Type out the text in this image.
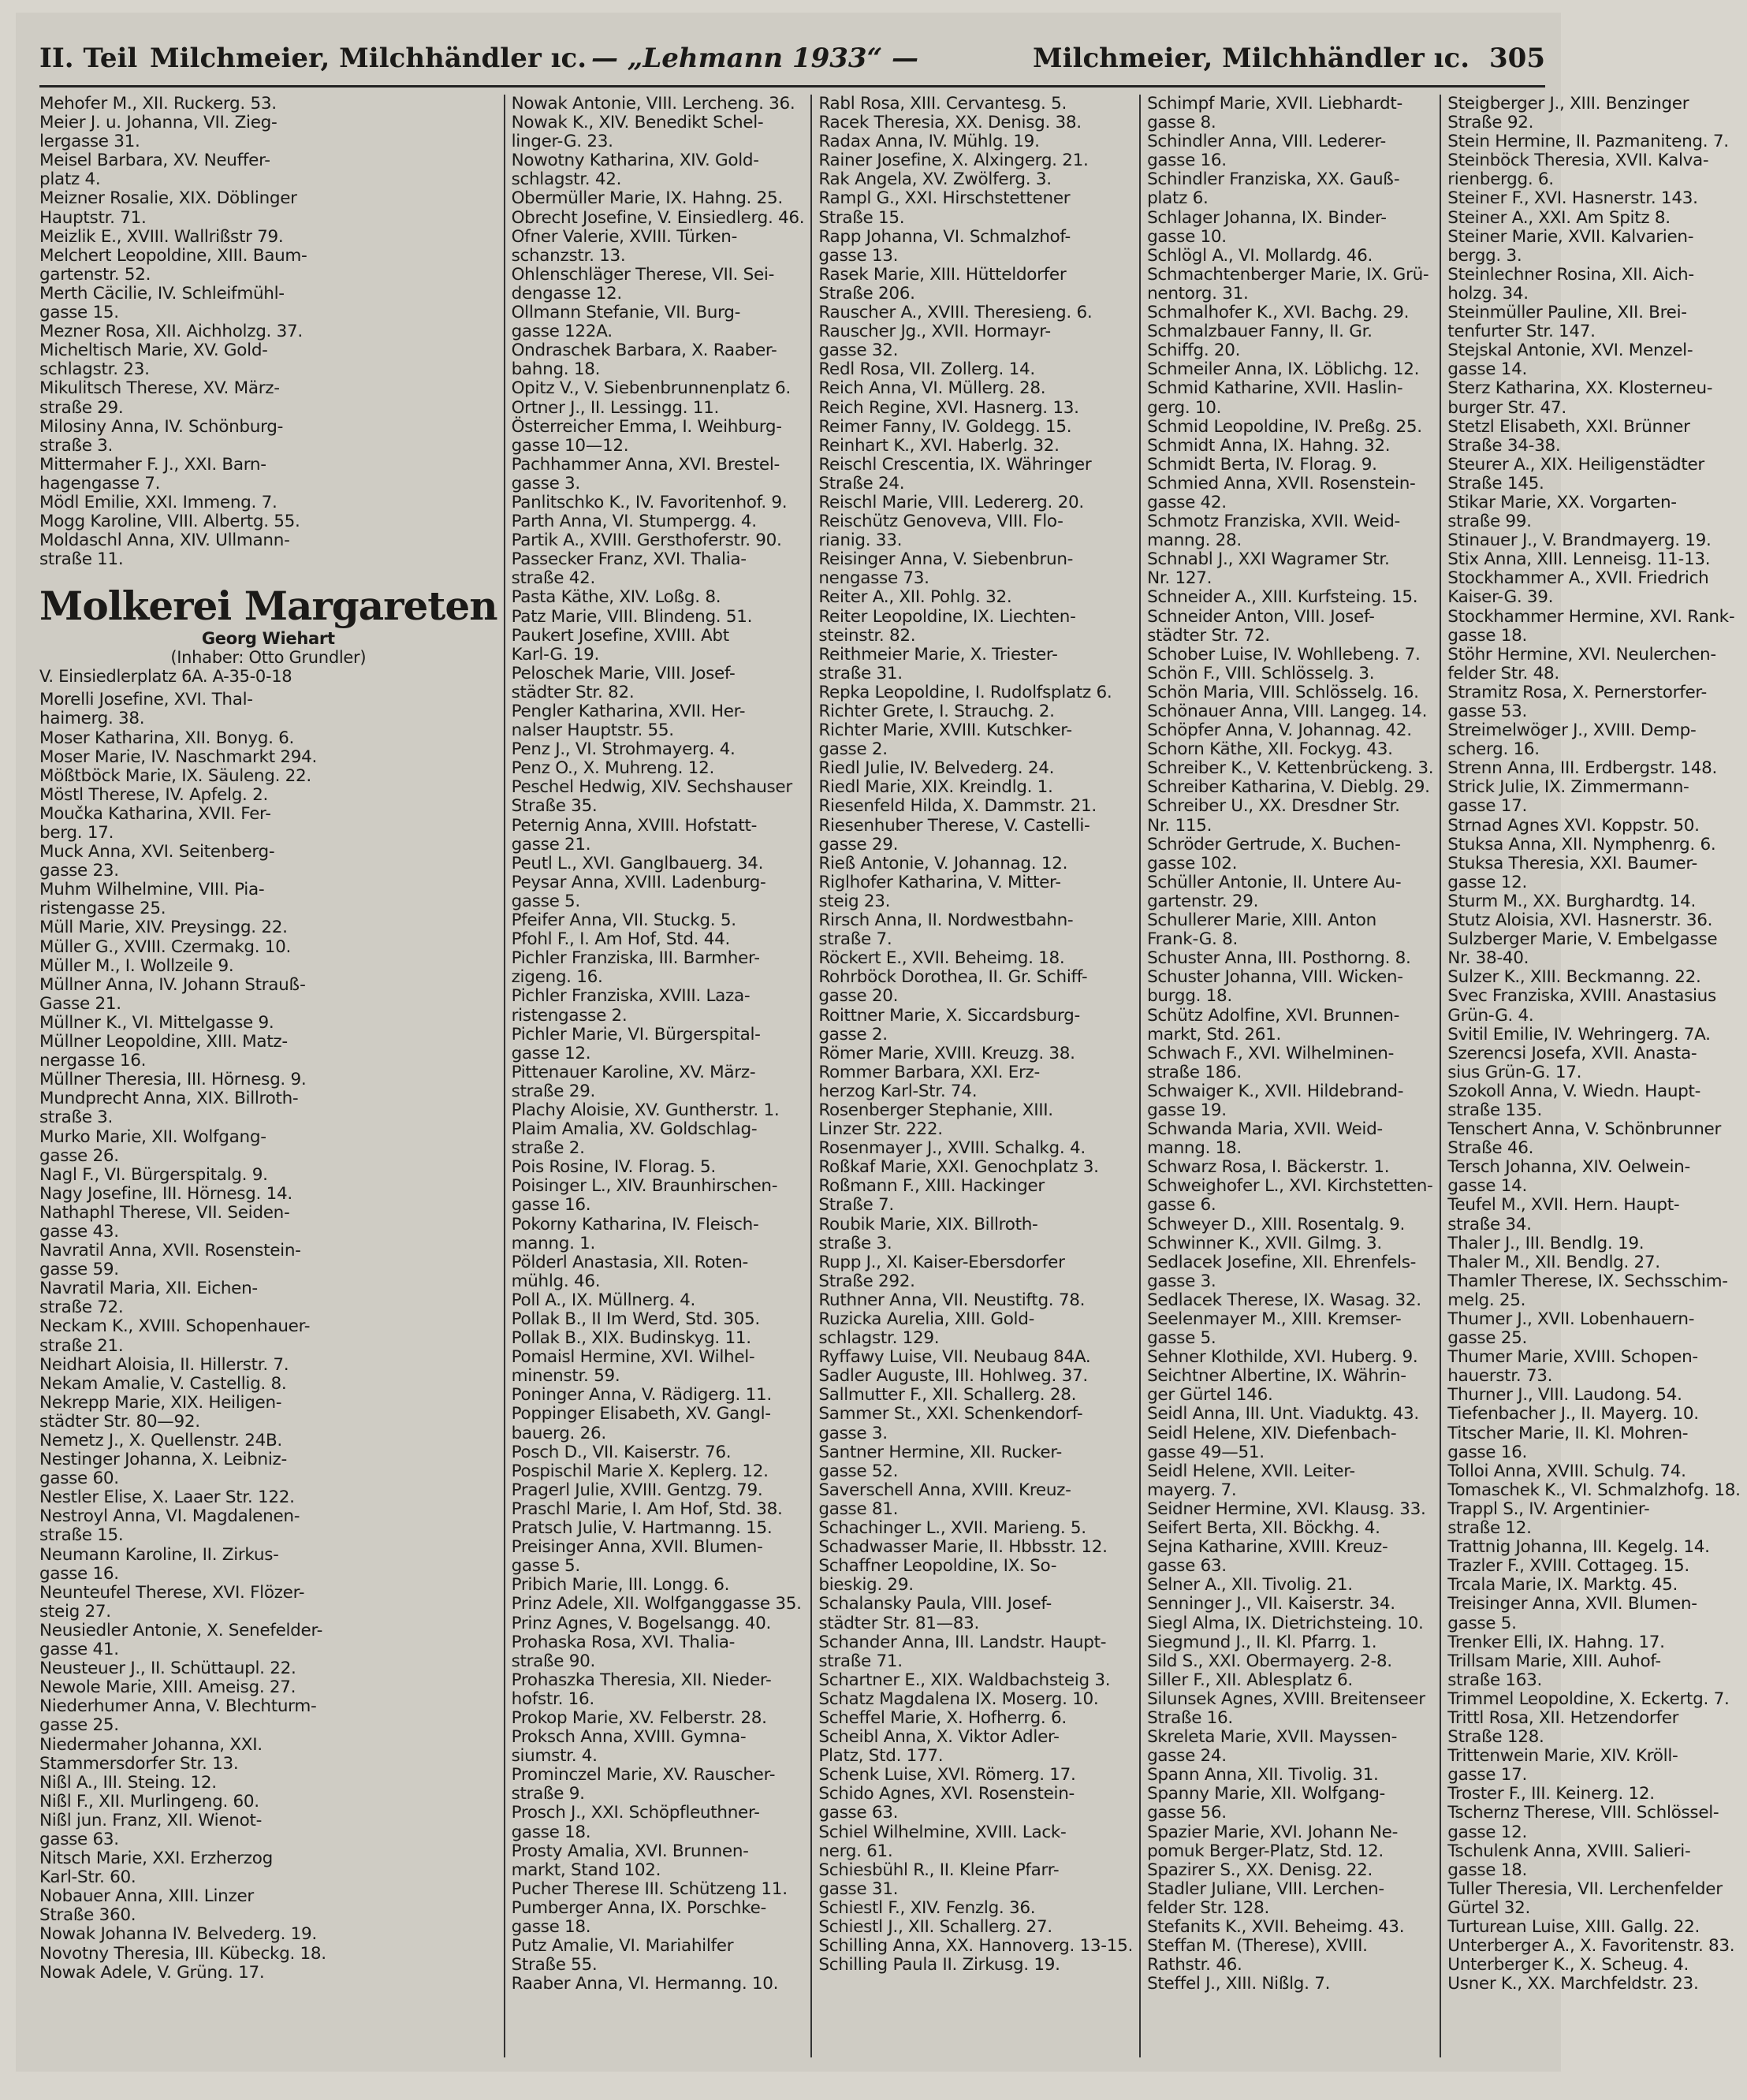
II. Teil Milchmeier, Milchhändler ıc. — „Lehmann 1933“ —	Milchmeier, Milchhändler ıc. 305
Mehofer M., XII. Ruckerg. 53.
Meier J. u. Johanna, VII. Zieg-
lergasse 31.
Meisel Barbara, XV. Neuffer-
platz 4.
Meizner Rosalie, XIX. Döblinger
Hauptstr. 71.
Meizlik E., XVIII. Wallrißstr 79.
Melchert Leopoldine, XIII. Baum-
gartenstr. 52.
Merth Cäcilie, IV. Schleifmühl-
gasse 15.
Mezner Rosa, XII. Aichholzg. 37.
Micheltisch Marie, XV. Gold-
schlagstr. 23.
Mikulitsch Therese, XV. März-
straße 29.
Milosiny Anna, IV. Schönburg-
straße 3.
Mittermaher F. J., XXI. Barn-
hagengasse 7.
Mödl Emilie, XXI. Immeng. 7.
Mogg Karoline, VIII. Albertg. 55.
Moldaschl Anna, XIV. Ullmann-
straße 11.
Molkerei Margareten
Georg Wiehart
(Inhaber: Otto Grundler)
V. Einsiedlerplatz 6A. A-35-0-18
Morelli Josefine, XVI. Thal-
haimerg. 38.
Moser Katharina, XII. Bonyg. 6.
Moser Marie, IV. Naschmarkt 294.
Mößtböck Marie, IX. Säuleng. 22.
Möstl Therese, IV. Apfelg. 2.
Moučka Katharina, XVII. Fer-
berg. 17.
Muck Anna, XVI. Seitenberg-
gasse 23.
Muhm Wilhelmine, VIII. Pia-
ristengasse 25.
Müll Marie, XIV. Preysingg. 22.
Müller G., XVIII. Czermakg. 10.
Müller M., I. Wollzeile 9.
Müllner Anna, IV. Johann Strauß-
Gasse 21.
Müllner K., VI. Mittelgasse 9.
Müllner Leopoldine, XIII. Matz-
nergasse 16.
Müllner Theresia, III. Hörnesg. 9.
Mundprecht Anna, XIX. Billroth-
straße 3.
Murko Marie, XII. Wolfgang-
gasse 26.
Nagl F., VI. Bürgerspitalg. 9.
Nagy Josefine, III. Hörnesg. 14.
Nathaphl Therese, VII. Seiden-
gasse 43.
Navratil Anna, XVII. Rosenstein-
gasse 59.
Navratil Maria, XII. Eichen-
straße 72.
Neckam K., XVIII. Schopenhauer-
straße 21.
Neidhart Aloisia, II. Hillerstr. 7.
Nekam Amalie, V. Castellig. 8.
Nekrepp Marie, XIX. Heiligen-
städter Str. 80—92.
Nemetz J., X. Quellenstr. 24B.
Nestinger Johanna, X. Leibniz-
gasse 60.
Nestler Elise, X. Laaer Str. 122.
Nestroyl Anna, VI. Magdalenen-
straße 15.
Neumann Karoline, II. Zirkus-
gasse 16.
Neunteufel Therese, XVI. Flözer-
steig 27.
Neusiedler Antonie, X. Senefelder-
gasse 41.
Neusteuer J., II. Schüttaupl. 22.
Newole Marie, XIII. Ameisg. 27.
Niederhumer Anna, V. Blechturm-
gasse 25.
Niedermaher Johanna, XXI.
Stammersdorfer Str. 13.
Nißl A., III. Steing. 12.
Nißl F., XII. Murlingeng. 60.
Nißl jun. Franz, XII. Wienot-
gasse 63.
Nitsch Marie, XXI. Erzherzog
Karl-Str. 60.
Nobauer Anna, XIII. Linzer
Straße 360.
Nowak Johanna IV. Belvederg. 19.
Novotny Theresia, III. Kübeckg. 18.
Nowak Adele, V. Grüng. 17.
Nowak Antonie, VIII. Lercheng. 36.
Nowak K., XIV. Benedikt Schel-
linger-G. 23.
Nowotny Katharina, XIV. Gold-
schlagstr. 42.
Obermüller Marie, IX. Hahng. 25.
Obrecht Josefine, V. Einsiedlerg. 46.
Ofner Valerie, XVIII. Türken-
schanzstr. 13.
Ohlenschläger Therese, VII. Sei-
dengasse 12.
Ollmann Stefanie, VII. Burg-
gasse 122A.
Ondraschek Barbara, X. Raaber-
bahng. 18.
Opitz V., V. Siebenbrunnenplatz 6.
Ortner J., II. Lessingg. 11.
Österreicher Emma, I. Weihburg-
gasse 10—12.
Pachhammer Anna, XVI. Brestel-
gasse 3.
Panlitschko K., IV. Favoritenhof. 9.
Parth Anna, VI. Stumpergg. 4.
Partik A., XVIII. Gersthoferstr. 90.
Passecker Franz, XVI. Thalia-
straße 42.
Pasta Käthe, XIV. Loßg. 8.
Patz Marie, VIII. Blindeng. 51.
Paukert Josefine, XVIII. Abt
Karl-G. 19.
Peloschek Marie, VIII. Josef-
städter Str. 82.
Pengler Katharina, XVII. Her-
nalser Hauptstr. 55.
Penz J., VI. Strohmayerg. 4.
Penz O., X. Muhreng. 12.
Peschel Hedwig, XIV. Sechshauser
Straße 35.
Peternig Anna, XVIII. Hofstatt-
gasse 21.
Peutl L., XVI. Ganglbauerg. 34.
Peysar Anna, XVIII. Ladenburg-
gasse 5.
Pfeifer Anna, VII. Stuckg. 5.
Pfohl F., I. Am Hof, Std. 44.
Pichler Franziska, III. Barmher-
zigeng. 16.
Pichler Franziska, XVIII. Laza-
ristengasse 2.
Pichler Marie, VI. Bürgerspital-
gasse 12.
Pittenauer Karoline, XV. März-
straße 29.
Plachy Aloisie, XV. Guntherstr. 1.
Plaim Amalia, XV. Goldschlag-
straße 2.
Pois Rosine, IV. Florag. 5.
Poisinger L., XIV. Braunhirschen-
gasse 16.
Pokorny Katharina, IV. Fleisch-
manng. 1.
Pölderl Anastasia, XII. Roten-
mühlg. 46.
Poll A., IX. Müllnerg. 4.
Pollak B., II Im Werd, Std. 305.
Pollak B., XIX. Budinskyg. 11.
Pomaisl Hermine, XVI. Wilhel-
minenstr. 59.
Poninger Anna, V. Rädigerg. 11.
Poppinger Elisabeth, XV. Gangl-
bauerg. 26.
Posch D., VII. Kaiserstr. 76.
Pospischil Marie X. Keplerg. 12.
Pragerl Julie, XVIII. Gentzg. 79.
Praschl Marie, I. Am Hof, Std. 38.
Pratsch Julie, V. Hartmanng. 15.
Preisinger Anna, XVII. Blumen-
gasse 5.
Pribich Marie, III. Longg. 6.
Prinz Adele, XII. Wolfganggasse 35.
Prinz Agnes, V. Bogelsangg. 40.
Prohaska Rosa, XVI. Thalia-
straße 90.
Prohaszka Theresia, XII. Nieder-
hofstr. 16.
Prokop Marie, XV. Felberstr. 28.
Proksch Anna, XVIII. Gymna-
siumstr. 4.
Prominczel Marie, XV. Rauscher-
straße 9.
Prosch J., XXI. Schöpfleuthner-
gasse 18.
Prosty Amalia, XVI. Brunnen-
markt, Stand 102.
Pucher Therese III. Schützeng 11.
Pumberger Anna, IX. Porschke-
gasse 18.
Putz Amalie, VI. Mariahilfer
Straße 55.
Raaber Anna, VI. Hermanng. 10.
Rabl Rosa, XIII. Cervantesg. 5.
Racek Theresia, XX. Denisg. 38.
Radax Anna, IV. Mühlg. 19.
Rainer Josefine, X. Alxingerg. 21.
Rak Angela, XV. Zwölferg. 3.
Rampl G., XXI. Hirschstettener
Straße 15.
Rapp Johanna, VI. Schmalzhof-
gasse 13.
Rasek Marie, XIII. Hütteldorfer
Straße 206.
Rauscher A., XVIII. Theresieng. 6.
Rauscher Jg., XVII. Hormayr-
gasse 32.
Redl Rosa, VII. Zollerg. 14.
Reich Anna, VI. Müllerg. 28.
Reich Regine, XVI. Hasnerg. 13.
Reimer Fanny, IV. Goldegg. 15.
Reinhart K., XVI. Haberlg. 32.
Reischl Crescentia, IX. Währinger
Straße 24.
Reischl Marie, VIII. Ledererg. 20.
Reischütz Genoveva, VIII. Flo-
rianig. 33.
Reisinger Anna, V. Siebenbrun-
nengasse 73.
Reiter A., XII. Pohlg. 32.
Reiter Leopoldine, IX. Liechten-
steinstr. 82.
Reithmeier Marie, X. Triester-
straße 31.
Repka Leopoldine, I. Rudolfsplatz 6.
Richter Grete, I. Strauchg. 2.
Richter Marie, XVIII. Kutschker-
gasse 2.
Riedl Julie, IV. Belvederg. 24.
Riedl Marie, XIX. Kreindlg. 1.
Riesenfeld Hilda, X. Dammstr. 21.
Riesenhuber Therese, V. Castelli-
gasse 29.
Rieß Antonie, V. Johannag. 12.
Riglhofer Katharina, V. Mitter-
steig 23.
Rirsch Anna, II. Nordwestbahn-
straße 7.
Röckert E., XVII. Beheimg. 18.
Rohrböck Dorothea, II. Gr. Schiff-
gasse 20.
Roittner Marie, X. Siccardsburg-
gasse 2.
Römer Marie, XVIII. Kreuzg. 38.
Rommer Barbara, XXI. Erz-
herzog Karl-Str. 74.
Rosenberger Stephanie, XIII.
Linzer Str. 222.
Rosenmayer J., XVIII. Schalkg. 4.
Roßkaf Marie, XXI. Genochplatz 3.
Roßmann F., XIII. Hackinger
Straße 7.
Roubik Marie, XIX. Billroth-
straße 3.
Rupp J., XI. Kaiser-Ebersdorfer
Straße 292.
Ruthner Anna, VII. Neustiftg. 78.
Ruzicka Aurelia, XIII. Gold-
schlagstr. 129.
Ryffawy Luise, VII. Neubaug 84A.
Sadler Auguste, III. Hohlweg. 37.
Sallmutter F., XII. Schallerg. 28.
Sammer St., XXI. Schenkendorf-
gasse 3.
Santner Hermine, XII. Rucker-
gasse 52.
Saverschell Anna, XVIII. Kreuz-
gasse 81.
Schachinger L., XVII. Marieng. 5.
Schadwasser Marie, II. Hbbsstr. 12.
Schaffner Leopoldine, IX. So-
bieskig. 29.
Schalansky Paula, VIII. Josef-
städter Str. 81—83.
Schander Anna, III. Landstr. Haupt-
straße 71.
Schartner E., XIX. Waldbachsteig 3.
Schatz Magdalena IX. Moserg. 10.
Scheffel Marie, X. Hofherrg. 6.
Scheibl Anna, X. Viktor Adler-
Platz, Std. 177.
Schenk Luise, XVI. Römerg. 17.
Schido Agnes, XVI. Rosenstein-
gasse 63.
Schiel Wilhelmine, XVIII. Lack-
nerg. 61.
Schiesbühl R., II. Kleine Pfarr-
gasse 31.
Schiestl F., XIV. Fenzlg. 36.
Schiestl J., XII. Schallerg. 27.
Schilling Anna, XX. Hannoverg. 13-15.
Schilling Paula II. Zirkusg. 19.
Schimpf Marie, XVII. Liebhardt-
gasse 8.
Schindler Anna, VIII. Lederer-
gasse 16.
Schindler Franziska, XX. Gauß-
platz 6.
Schlager Johanna, IX. Binder-
gasse 10.
Schlögl A., VI. Mollardg. 46.
Schmachtenberger Marie, IX. Grü-
nentorg. 31.
Schmalhofer K., XVI. Bachg. 29.
Schmalzbauer Fanny, II. Gr.
Schiffg. 20.
Schmeiler Anna, IX. Löblichg. 12.
Schmid Katharine, XVII. Haslin-
gerg. 10.
Schmid Leopoldine, IV. Preßg. 25.
Schmidt Anna, IX. Hahng. 32.
Schmidt Berta, IV. Florag. 9.
Schmied Anna, XVII. Rosenstein-
gasse 42.
Schmotz Franziska, XVII. Weid-
manng. 28.
Schnabl J., XXI Wagramer Str.
Nr. 127.
Schneider A., XIII. Kurfsteing. 15.
Schneider Anton, VIII. Josef-
städter Str. 72.
Schober Luise, IV. Wohllebeng. 7.
Schön F., VIII. Schlösselg. 3.
Schön Maria, VIII. Schlösselg. 16.
Schönauer Anna, VIII. Langeg. 14.
Schöpfer Anna, V. Johannag. 42.
Schorn Käthe, XII. Fockyg. 43.
Schreiber K., V. Kettenbrückeng. 3.
Schreiber Katharina, V. Dieblg. 29.
Schreiber U., XX. Dresdner Str.
Nr. 115.
Schröder Gertrude, X. Buchen-
gasse 102.
Schüller Antonie, II. Untere Au-
gartenstr. 29.
Schullerer Marie, XIII. Anton
Frank-G. 8.
Schuster Anna, III. Posthorng. 8.
Schuster Johanna, VIII. Wicken-
burgg. 18.
Schütz Adolfine, XVI. Brunnen-
markt, Std. 261.
Schwach F., XVI. Wilhelminen-
straße 186.
Schwaiger K., XVII. Hildebrand-
gasse 19.
Schwanda Maria, XVII. Weid-
manng. 18.
Schwarz Rosa, I. Bäckerstr. 1.
Schweighofer L., XVI. Kirchstetten-
gasse 6.
Schweyer D., XIII. Rosentalg. 9.
Schwinner K., XVII. Gilmg. 3.
Sedlacek Josefine, XII. Ehrenfels-
gasse 3.
Sedlacek Therese, IX. Wasag. 32.
Seelenmayer M., XIII. Kremser-
gasse 5.
Sehner Klothilde, XVI. Huberg. 9.
Seichtner Albertine, IX. Währin-
ger Gürtel 146.
Seidl Anna, III. Unt. Viaduktg. 43.
Seidl Helene, XIV. Diefenbach-
gasse 49—51.
Seidl Helene, XVII. Leiter-
mayerg. 7.
Seidner Hermine, XVI. Klausg. 33.
Seifert Berta, XII. Böckhg. 4.
Sejna Katharine, XVIII. Kreuz-
gasse 63.
Selner A., XII. Tivolig. 21.
Senninger J., VII. Kaiserstr. 34.
Siegl Alma, IX. Dietrichsteing. 10.
Siegmund J., II. Kl. Pfarrg. 1.
Sild S., XXI. Obermayerg. 2-8.
Siller F., XII. Ablesplatz 6.
Silunsek Agnes, XVIII. Breitenseer
Straße 16.
Skreleta Marie, XVII. Mayssen-
gasse 24.
Spann Anna, XII. Tivolig. 31.
Spanny Marie, XII. Wolfgang-
gasse 56.
Spazier Marie, XVI. Johann Ne-
pomuk Berger-Platz, Std. 12.
Spazirer S., XX. Denisg. 22.
Stadler Juliane, VIII. Lerchen-
felder Str. 128.
Stefanits K., XVII. Beheimg. 43.
Steffan M. (Therese), XVIII.
Rathstr. 46.
Steffel J., XIII. Nißlg. 7.
Steigberger J., XIII. Benzinger
Straße 92.
Stein Hermine, II. Pazmaniteng. 7.
Steinböck Theresia, XVII. Kalva-
rienbergg. 6.
Steiner F., XVI. Hasnerstr. 143.
Steiner A., XXI. Am Spitz 8.
Steiner Marie, XVII. Kalvarien-
bergg. 3.
Steinlechner Rosina, XII. Aich-
holzg. 34.
Steinmüller Pauline, XII. Brei-
tenfurter Str. 147.
Stejskal Antonie, XVI. Menzel-
gasse 14.
Sterz Katharina, XX. Klosterneu-
burger Str. 47.
Stetzl Elisabeth, XXI. Brünner
Straße 34-38.
Steurer A., XIX. Heiligenstädter
Straße 145.
Stikar Marie, XX. Vorgarten-
straße 99.
Stinauer J., V. Brandmayerg. 19.
Stix Anna, XIII. Lenneisg. 11-13.
Stockhammer A., XVII. Friedrich
Kaiser-G. 39.
Stockhammer Hermine, XVI. Rank-
gasse 18.
Stöhr Hermine, XVI. Neulerchen-
felder Str. 48.
Stramitz Rosa, X. Pernerstorfer-
gasse 53.
Streimelwöger J., XVIII. Demp-
scherg. 16.
Strenn Anna, III. Erdbergstr. 148.
Strick Julie, IX. Zimmermann-
gasse 17.
Strnad Agnes XVI. Koppstr. 50.
Stuksa Anna, XII. Nymphenrg. 6.
Stuksa Theresia, XXI. Baumer-
gasse 12.
Sturm M., XX. Burghardtg. 14.
Stutz Aloisia, XVI. Hasnerstr. 36.
Sulzberger Marie, V. Embelgasse
Nr. 38-40.
Sulzer K., XIII. Beckmanng. 22.
Svec Franziska, XVIII. Anastasius
Grün-G. 4.
Svitil Emilie, IV. Wehringerg. 7A.
Szerencsi Josefa, XVII. Anasta-
sius Grün-G. 17.
Szokoll Anna, V. Wiedn. Haupt-
straße 135.
Tenschert Anna, V. Schönbrunner
Straße 46.
Tersch Johanna, XIV. Oelwein-
gasse 14.
Teufel M., XVII. Hern. Haupt-
straße 34.
Thaler J., III. Bendlg. 19.
Thaler M., XII. Bendlg. 27.
Thamler Therese, IX. Sechsschim-
melg. 25.
Thumer J., XVII. Lobenhauern-
gasse 25.
Thumer Marie, XVIII. Schopen-
hauerstr. 73.
Thurner J., VIII. Laudong. 54.
Tiefenbacher J., II. Mayerg. 10.
Titscher Marie, II. Kl. Mohren-
gasse 16.
Tolloi Anna, XVIII. Schulg. 74.
Tomaschek K., VI. Schmalzhofg. 18.
Trappl S., IV. Argentinier-
straße 12.
Trattnig Johanna, III. Kegelg. 14.
Trazler F., XVIII. Cottageg. 15.
Trcala Marie, IX. Marktg. 45.
Treisinger Anna, XVII. Blumen-
gasse 5.
Trenker Elli, IX. Hahng. 17.
Trillsam Marie, XIII. Auhof-
straße 163.
Trimmel Leopoldine, X. Eckertg. 7.
Trittl Rosa, XII. Hetzendorfer
Straße 128.
Trittenwein Marie, XIV. Kröll-
gasse 17.
Troster F., III. Keinerg. 12.
Tschernz Therese, VIII. Schlössel-
gasse 12.
Tschulenk Anna, XVIII. Salieri-
gasse 18.
Tuller Theresia, VII. Lerchenfelder
Gürtel 32.
Turturean Luise, XIII. Gallg. 22.
Unterberger A., X. Favoritenstr. 83.
Unterberger K., X. Scheug. 4.
Usner K., XX. Marchfeldstr. 23.
